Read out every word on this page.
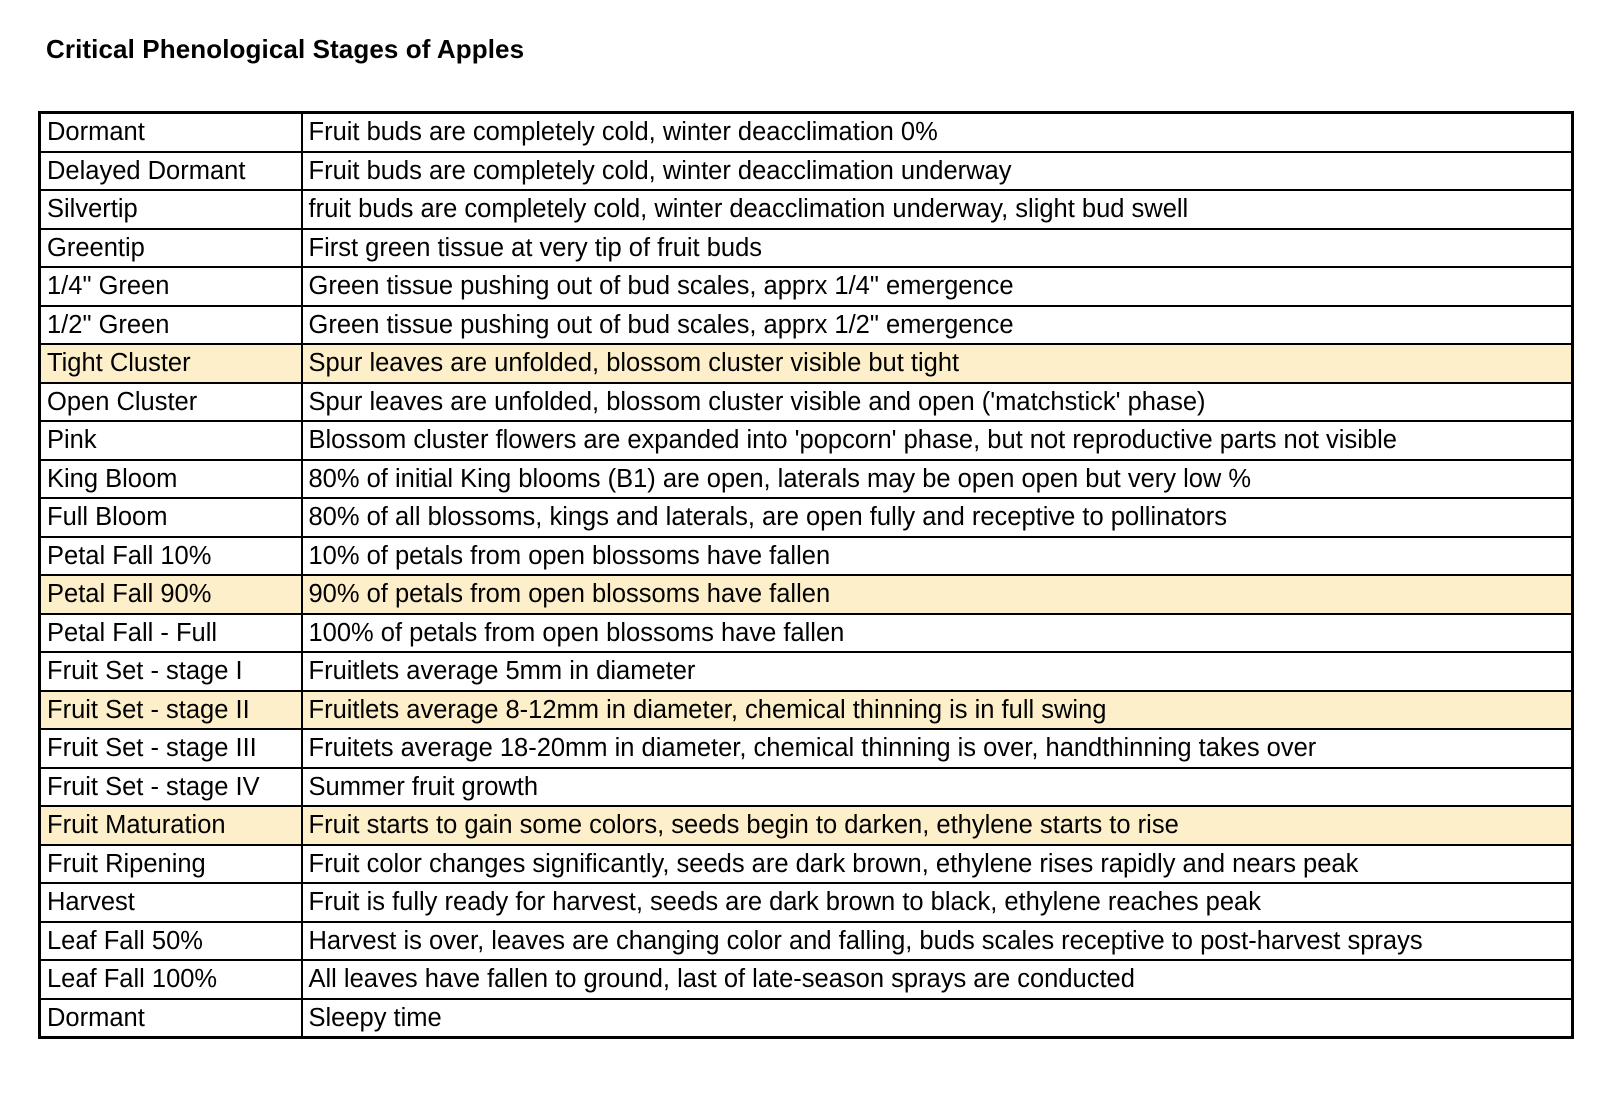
Critical Phenological Stages of Apples
Dormant	Fruit buds are completely cold, winter deacclimation 0%
Delayed Dormant	Fruit buds are completely cold, winter deacclimation underway
Silvertip	fruit buds are completely cold, winter deacclimation underway, slight bud swell
Greentip	First green tissue at very tip of fruit buds
1/4" Green	Green tissue pushing out of bud scales, apprx 1/4" emergence
1/2" Green	Green tissue pushing out of bud scales, apprx 1/2" emergence
Tight Cluster	Spur leaves are unfolded, blossom cluster visible but tight
Open Cluster	Spur leaves are unfolded, blossom cluster visible and open ('matchstick' phase)
Pink	Blossom cluster flowers are expanded into 'popcorn' phase, but not reproductive parts not visible
King Bloom	80% of initial King blooms (B1) are open, laterals may be open open but very low %
Full Bloom	80% of all blossoms, kings and laterals, are open fully and receptive to pollinators
Petal Fall 10%	10% of petals from open blossoms have fallen
Petal Fall 90%	90% of petals from open blossoms have fallen
Petal Fall - Full	100% of petals from open blossoms have fallen
Fruit Set - stage I	Fruitlets average 5mm in diameter
Fruit Set - stage II	Fruitlets average 8-12mm in diameter, chemical thinning is in full swing
Fruit Set - stage III	Fruitets average 18-20mm in diameter, chemical thinning is over, handthinning takes over
Fruit Set - stage IV	Summer fruit growth
Fruit Maturation	Fruit starts to gain some colors, seeds begin to darken, ethylene starts to rise
Fruit Ripening	Fruit color changes significantly, seeds are dark brown, ethylene rises rapidly and nears peak
Harvest	Fruit is fully ready for harvest, seeds are dark brown to black, ethylene reaches peak
Leaf Fall 50%	Harvest is over, leaves are changing color and falling, buds scales receptive to post-harvest sprays
Leaf Fall 100%	All leaves have fallen to ground, last of late-season sprays are conducted
Dormant	Sleepy time
